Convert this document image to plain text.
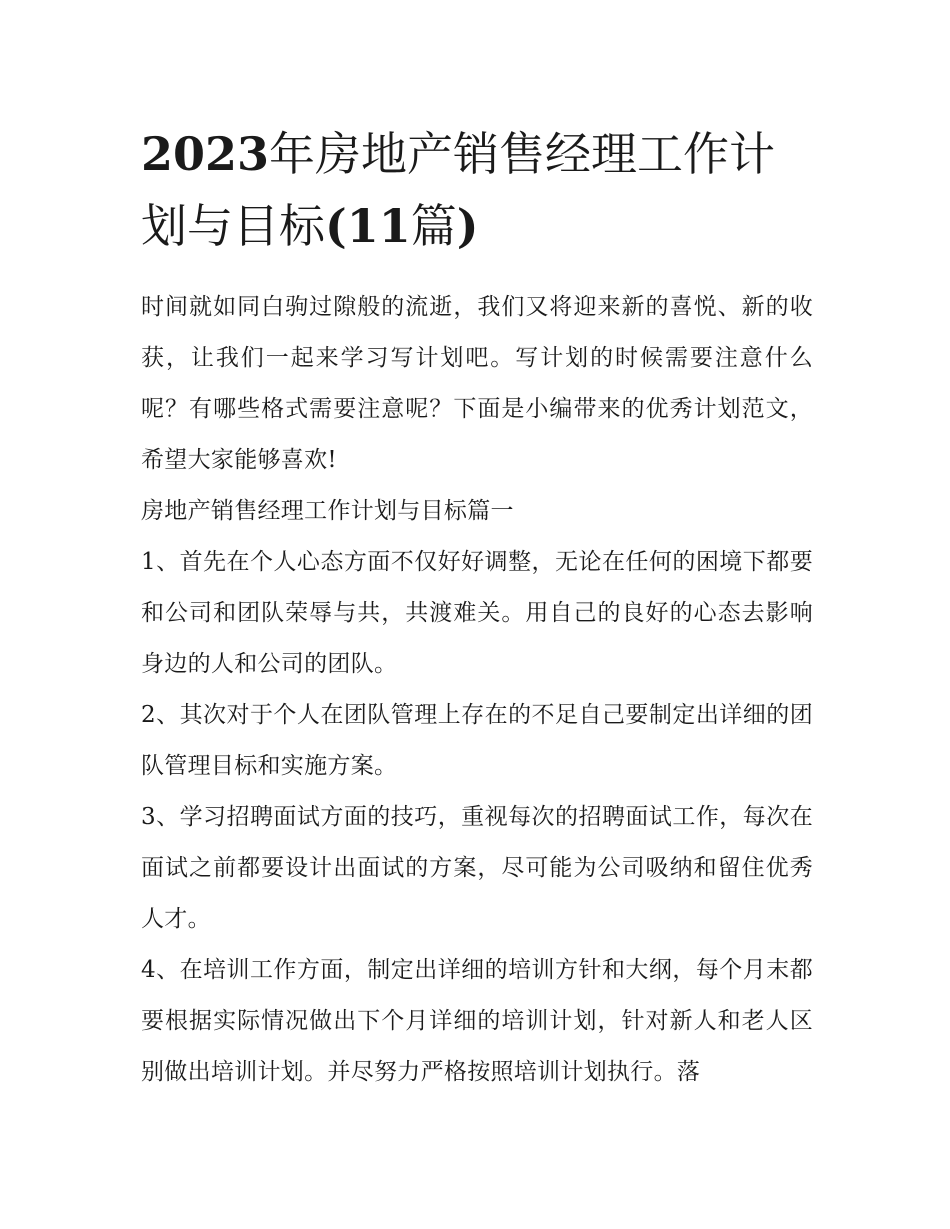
2023年房地产销售经理工作计划与目标(11篇)

时间就如同白驹过隙般的流逝，我们又将迎来新的喜悦、新的收获，让我们一起来学习写计划吧。写计划的时候需要注意什么呢？有哪些格式需要注意呢？下面是小编带来的优秀计划范文，希望大家能够喜欢!

房地产销售经理工作计划与目标篇一

1、首先在个人心态方面不仅好好调整，无论在任何的困境下都要和公司和团队荣辱与共，共渡难关。用自己的良好的心态去影响身边的人和公司的团队。

2、其次对于个人在团队管理上存在的不足自己要制定出详细的团队管理目标和实施方案。

3、学习招聘面试方面的技巧，重视每次的招聘面试工作，每次在面试之前都要设计出面试的方案，尽可能为公司吸纳和留住优秀人才。

4、在培训工作方面，制定出详细的培训方针和大纲，每个月末都要根据实际情况做出下个月详细的培训计划，针对新人和老人区别做出培训计划。并尽努力严格按照培训计划执行。落
